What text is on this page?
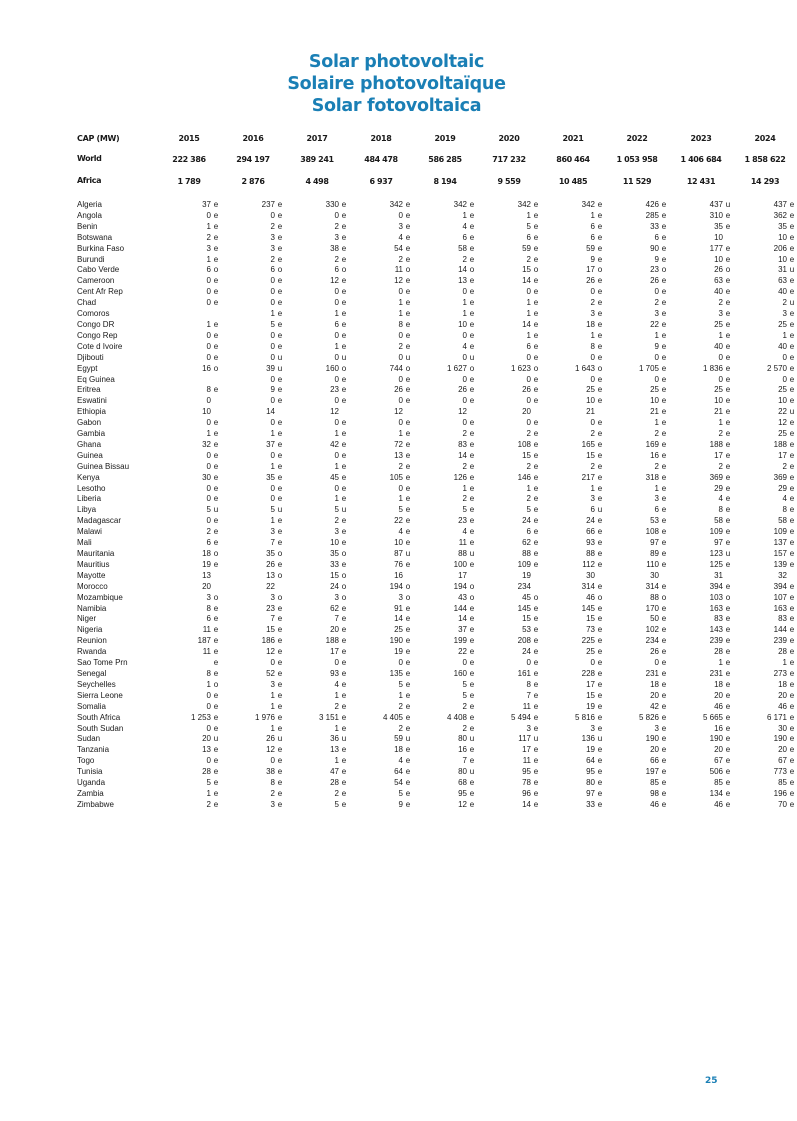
Solar photovoltaic
Solaire photovoltaïque
Solar fotovoltaica
CAP (MW)	2015	2016	2017	2018	2019	2020	2021	2022	2023	2024
World	222 386	294 197	389 241	484 478	586 285	717 232	860 464	1 053 958	1 406 684	1 858 622
Africa	1 789	2 876	4 498	6 937	8 194	9 559	10 485	11 529	12 431	14 293

Algeria	37 e	237 e	330 e	342 e	342 e	342 e	342 e	426 e	437 u	437 e
Angola	0 e	0 e	0 e	0 e	1 e	1 e	1 e	285 e	310 e	362 e
Benin	1 e	2 e	2 e	3 e	4 e	5 e	6 e	33 e	35 e	35 e
Botswana	2 e	3 e	3 e	4 e	6 e	6 e	6 e	6 e	10	10 e
Burkina Faso	3 e	3 e	38 e	54 e	58 e	59 e	59 e	90 e	177 e	206 e
Burundi	1 e	2 e	2 e	2 e	2 e	2 e	9 e	9 e	10 e	10 e
Cabo Verde	6 o	6 o	6 o	11 o	14 o	15 o	17 o	23 o	26 o	31 u
Cameroon	0 e	0 e	12 e	12 e	13 e	14 e	26 e	26 e	63 e	63 e
Cent Afr Rep	0 e	0 e	0 e	0 e	0 e	0 e	0 e	0 e	40 e	40 e
Chad	0 e	0 e	0 e	1 e	1 e	1 e	2 e	2 e	2 e	2 u
Comoros		1 e	1 e	1 e	1 e	1 e	3 e	3 e	3 e	3 e
Congo DR	1 e	5 e	6 e	8 e	10 e	14 e	18 e	22 e	25 e	25 e
Congo Rep	0 e	0 e	0 e	0 e	0 e	1 e	1 e	1 e	1 e	1 e
Cote d Ivoire	0 e	0 e	1 e	2 e	4 e	6 e	8 e	9 e	40 e	40 e
Djibouti	0 e	0 u	0 u	0 u	0 u	0 e	0 e	0 e	0 e	0 e
Egypt	16 o	39 u	160 o	744 o	1 627 o	1 623 o	1 643 o	1 705 e	1 836 e	2 570 e
Eq Guinea		0 e	0 e	0 e	0 e	0 e	0 e	0 e	0 e	0 e
Eritrea	8 e	9 e	23 e	26 e	26 e	26 e	25 e	25 e	25 e	25 e
Eswatini	0	0 e	0 e	0 e	0 e	0 e	10 e	10 e	10 e	10 e
Ethiopia	10	14	12	12	12	20	21	21 e	21 e	22 u
Gabon	0 e	0 e	0 e	0 e	0 e	0 e	0 e	1 e	1 e	12 e
Gambia	1 e	1 e	1 e	1 e	2 e	2 e	2 e	2 e	2 e	25 e
Ghana	32 e	37 e	42 e	72 e	83 e	108 e	165 e	169 e	188 e	188 e
Guinea	0 e	0 e	0 e	13 e	14 e	15 e	15 e	16 e	17 e	17 e
Guinea Bissau	0 e	1 e	1 e	2 e	2 e	2 e	2 e	2 e	2 e	2 e
Kenya	30 e	35 e	45 e	105 e	126 e	146 e	217 e	318 e	369 e	369 e
Lesotho	0 e	0 e	0 e	0 e	1 e	1 e	1 e	1 e	29 e	29 e
Liberia	0 e	0 e	1 e	1 e	2 e	2 e	3 e	3 e	4 e	4 e
Libya	5 u	5 u	5 u	5 e	5 e	5 e	6 u	6 e	8 e	8 e
Madagascar	0 e	1 e	2 e	22 e	23 e	24 e	24 e	53 e	58 e	58 e
Malawi	2 e	3 e	3 e	4 e	4 e	6 e	66 e	108 e	109 e	109 e
Mali	6 e	7 e	10 e	10 e	11 e	62 e	93 e	97 e	97 e	137 e
Mauritania	18 o	35 o	35 o	87 u	88 u	88 e	88 e	89 e	123 u	157 e
Mauritius	19 e	26 e	33 e	76 e	100 e	109 e	112 e	110 e	125 e	139 e
Mayotte	13	13 o	15 o	16	17	19	30	30	31	32
Morocco	20	22	24 o	194 o	194 o	234	314 e	314 e	394 e	394 e
Mozambique	3 o	3 o	3 o	3 o	43 o	45 o	46 o	88 o	103 o	107 e
Namibia	8 e	23 e	62 e	91 e	144 e	145 e	145 e	170 e	163 e	163 e
Niger	6 e	7 e	7 e	14 e	14 e	15 e	15 e	50 e	83 e	83 e
Nigeria	11 e	15 e	20 e	25 e	37 e	53 e	73 e	102 e	143 e	144 e
Reunion	187 e	186 e	188 e	190 e	199 e	208 e	225 e	234 e	239 e	239 e
Rwanda	11 e	12 e	17 e	19 e	22 e	24 e	25 e	26 e	28 e	28 e
Sao Tome Prn	e	0 e	0 e	0 e	0 e	0 e	0 e	0 e	1 e	1 e
Senegal	8 e	52 e	93 e	135 e	160 e	161 e	228 e	231 e	231 e	273 e
Seychelles	1 o	3 e	4 e	5 e	5 e	8 e	17 e	18 e	18 e	18 e
Sierra Leone	0 e	1 e	1 e	1 e	5 e	7 e	15 e	20 e	20 e	20 e
Somalia	0 e	1 e	2 e	2 e	2 e	11 e	19 e	42 e	46 e	46 e
South Africa	1 253 e	1 976 e	3 151 e	4 405 e	4 408 e	5 494 e	5 816 e	5 826 e	5 665 e	6 171 e
South Sudan	0 e	1 e	1 e	2 e	2 e	3 e	3 e	3 e	16 e	30 e
Sudan	20 u	26 u	36 u	59 u	80 u	117 u	136 u	190 e	190 e	190 e
Tanzania	13 e	12 e	13 e	18 e	16 e	17 e	19 e	20 e	20 e	20 e
Togo	0 e	0 e	1 e	4 e	7 e	11 e	64 e	66 e	67 e	67 e
Tunisia	28 e	38 e	47 e	64 e	80 u	95 e	95 e	197 e	506 e	773 e
Uganda	5 e	8 e	28 e	54 e	68 e	78 e	80 e	85 e	85 e	85 e
Zambia	1 e	2 e	2 e	5 e	95 e	96 e	97 e	98 e	134 e	196 e
Zimbabwe	2 e	3 e	5 e	9 e	12 e	14 e	33 e	46 e	46 e	70 e
25
